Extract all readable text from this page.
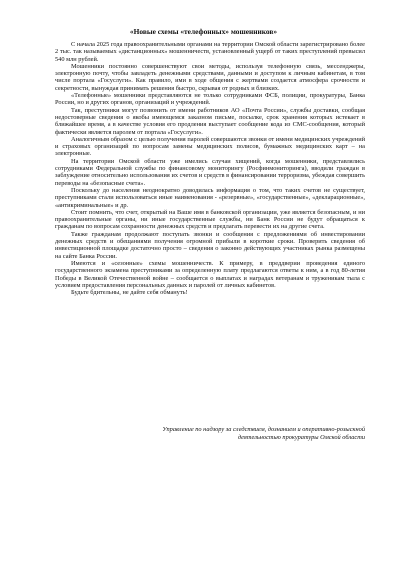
«Новые схемы «телефонных» мошенников»

С начала 2025 года правоохранительными органами на территории Омской области зарегистрировано более 2 тыс. так называемых «дистанционных» мошенничеств, установленный ущерб от таких преступлений превысил 540 млн рублей.

Мошенники постоянно совершенствуют свои методы, используя телефонную связь, мессенджеры, электронную почту, чтобы завладеть денежными средствами, данными и доступом к личным кабинетам, в том числе портала «Госуслуги». Как правило, ими в ходе общения с жертвами создается атмосфера срочности и секретности, вынуждая принимать решения быстро, скрывая от родных и близких.

«Телефонные» мошенники представляются не только сотрудниками ФСБ, полиции, прокуратуры, Банка России, но и других органов, организаций и учреждений.

Так, преступники могут позвонить от имени работников АО «Почта России», службы доставки, сообщая недостоверные сведения о якобы имеющемся заказном письме, посылке, срок хранения которых истекает в ближайшее время, а в качестве условия его продления выступает сообщение кода из СМС-сообщения, который фактически является паролем от портала «Госуслуги».

Аналогичным образом с целью получения паролей совершаются звонки от имени медицинских учреждений и страховых организаций по вопросам замены медицинских полисов, бумажных медицинских карт – на электронные.

На территории Омской области уже имелись случаи хищений, когда мошенники, представлялись сотрудниками Федеральной службы по финансовому мониторингу (Росфинмониторинга), вводили граждан в заблуждение относительно использования их счетов и средств в финансировании терроризма, убеждая совершить переводы на «безопасные счета».

Поскольку до населения неоднократно доводилась информация о том, что таких счетов не существует, преступниками стали использоваться иные наименования - «резервные», «государственные», «декларационные», «антикриминальные» и др.

Стоит помнить, что счет, открытый на Ваше имя в банковской организации, уже является безопасным, и ни правоохранительные органы, ни иные государственные службы, ни Банк России не будут обращаться к гражданам по вопросам сохранности денежных средств и предлагать перевести их на другие счета.

Также гражданам продолжают поступать звонки и сообщения с предложениями об инвестировании денежных средств и обещаниями получения огромной прибыли в короткие сроки. Проверить сведения об инвестиционной площадке достаточно просто – сведения о законно действующих участниках рынка размещены на сайте Банка России.

Имеются и «сезонные» схемы мошенничеств. К примеру, в преддверии проведения единого государственного экзамена преступниками за определенную плату предлагаются ответы к ним, а в год 80-летия Победы в Великой Отечественной войне – сообщается о выплатах и наградах ветеранам и труженикам тыла с условием предоставления персональных данных и паролей от личных кабинетов.

Будьте бдительны, не дайте себя обмануть!

Управление по надзору за следствием, дознанием и оперативно-розыскной
деятельностью прокуратуры Омской области
